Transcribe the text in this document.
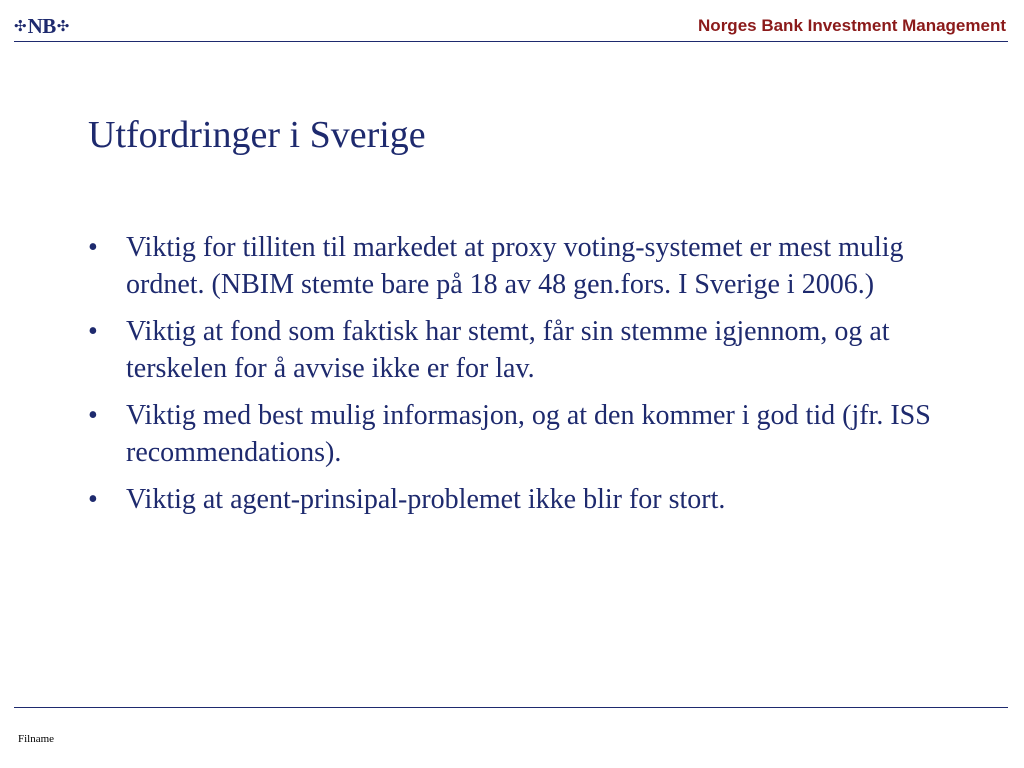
✣ NB ✣	Norges Bank Investment Management
Utfordringer i Sverige
•	Viktig for tilliten til markedet at proxy voting-systemet er mest mulig ordnet. (NBIM stemte bare på 18 av 48 gen.fors. I Sverige i 2006.)
•	Viktig at fond som faktisk har stemt, får sin stemme igjennom, og at terskelen for å avvise ikke er for lav.
•	Viktig med best mulig informasjon, og at den kommer i god tid (jfr. ISS recommendations).
•	Viktig at agent-prinsipal-problemet ikke blir for stort.
Filname
